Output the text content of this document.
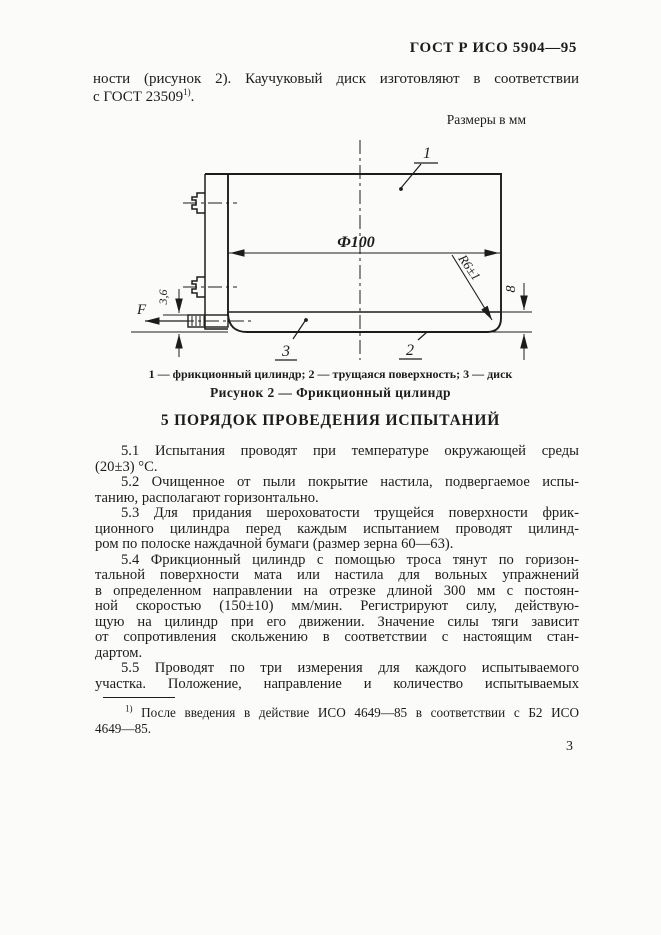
ГОСТ Р ИСО 5904—95
ности (рисунок 2). Каучуковый диск изготовляют в соответствии
с ГОСТ 23509$^{1)}$.
Размеры в мм
F
Ф100
R6±1
8
3,6
1
2
3
1 — фрикционный цилиндр; 2 — трущаяся поверхность; 3 — диск
Рисунок 2 — Фрикционный цилиндр
5 ПОРЯДОК ПРОВЕДЕНИЯ ИСПЫТАНИЙ
5.1 Испытания проводят при температуре окружающей среды
(20±3) °С.
5.2 Очищенное от пыли покрытие настила, подвергаемое испы-
танию, располагают горизонтально.
5.3 Для придания шероховатости трущейся поверхности фрик-
ционного цилиндра перед каждым испытанием проводят цилинд-
ром по полоске наждачной бумаги (размер зерна 60—63).
5.4 Фрикционный цилиндр с помощью троса тянут по горизон-
тальной поверхности мата или настила для вольных упражнений
в определенном направлении на отрезке длиной 300 мм с постоян-
ной скоростью (150±10) мм/мин. Регистрируют силу, действую-
щую на цилиндр при его движении. Значение силы тяги зависит
от сопротивления скольжению в соответствии с настоящим стан-
дартом.
5.5 Проводят по три измерения для каждого испытываемого
участка. Положение, направление и количество испытываемых
$^{1)}$ После введения в действие ИСО 4649—85 в соответствии с Б2 ИСО
4649—85.
3
